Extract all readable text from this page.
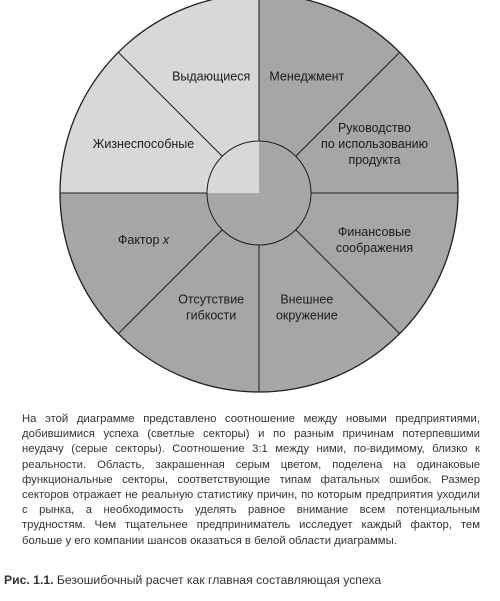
Менеджмент
Руководство по использованию продукта
Финансовые соображения
Внешнее окружение
Отсутствие гибкости
Фактор x
Жизнеспособные
Выдающиеся

На этой диаграмме представлено соотношение между новыми предприятиями, добившимися успеха (светлые секторы) и по разным причинам потерпевшими неудачу (серые секторы). Соотношение 3:1 между ними, по-видимому, близко к реальности. Область, закрашенная серым цветом, поделена на одинаковые функциональные секторы, соответствующие типам фатальных ошибок. Размер секторов отражает не реальную статистику причин, по которым предприятия уходили с рынка, а необходимость уделять равное внимание всем потенциальным трудностям. Чем тщательнее предприниматель исследует каждый фактор, тем больше у его компании шансов оказаться в белой области диаграммы.

Рис. 1.1. Безошибочный расчет как главная составляющая успеха
